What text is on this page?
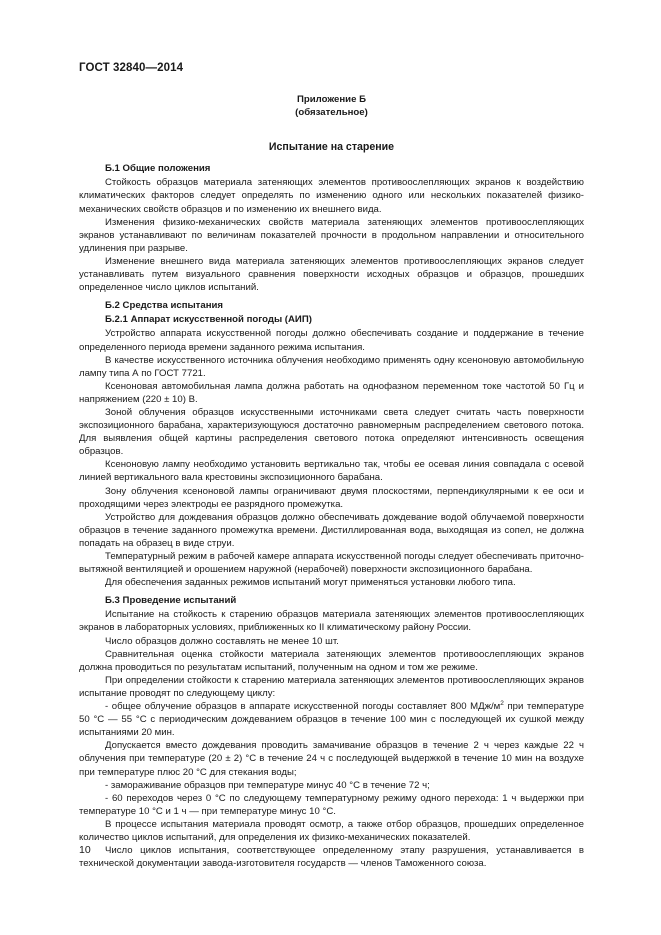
ГОСТ 32840—2014
Приложение Б
(обязательное)
Испытание на старение
Б.1 Общие положения

Стойкость образцов материала затеняющих элементов противоослепляющих экранов к воздействию климатических факторов следует определять по изменению одного или нескольких показателей физико-механических свойств образцов и по изменению их внешнего вида.

Изменения физико-механических свойств материала затеняющих элементов противоослепляющих экранов устанавливают по величинам показателей прочности в продольном направлении и относительного удлинения при разрыве.

Изменение внешнего вида материала затеняющих элементов противоослепляющих экранов следует устанавливать путем визуального сравнения поверхности исходных образцов и образцов, прошедших определенное число циклов испытаний.

Б.2 Средства испытания
Б.2.1 Аппарат искусственной погоды (АИП)

Устройство аппарата искусственной погоды должно обеспечивать создание и поддержание в течение определенного периода времени заданного режима испытания.

В качестве искусственного источника облучения необходимо применять одну ксеноновую автомобильную лампу типа А по ГОСТ 7721.

Ксеноновая автомобильная лампа должна работать на однофазном переменном токе частотой 50 Гц и напряжением (220 ± 10) В.

Зоной облучения образцов искусственными источниками света следует считать часть поверхности экспозиционного барабана, характеризующуюся достаточно равномерным распределением светового потока. Для выявления общей картины распределения светового потока определяют интенсивность освещения образцов.

Ксеноновую лампу необходимо установить вертикально так, чтобы ее осевая линия совпадала с осевой линией вертикального вала крестовины экспозиционного барабана.

Зону облучения ксеноновой лампы ограничивают двумя плоскостями, перпендикулярными к ее оси и проходящими через электроды ее разрядного промежутка.

Устройство для дождевания образцов должно обеспечивать дождевание водой облучаемой поверхности образцов в течение заданного промежутка времени. Дистиллированная вода, выходящая из сопел, не должна попадать на образец в виде струи.

Температурный режим в рабочей камере аппарата искусственной погоды следует обеспечивать приточно-вытяжной вентиляцией и орошением наружной (нерабочей) поверхности экспозиционного барабана.

Для обеспечения заданных режимов испытаний могут применяться установки любого типа.

Б.3 Проведение испытаний

Испытание на стойкость к старению образцов материала затеняющих элементов противоослепляющих экранов в лабораторных условиях, приближенных ко II климатическому району России.

Число образцов должно составлять не менее 10 шт.

Сравнительная оценка стойкости материала затеняющих элементов противоослепляющих экранов должна проводиться по результатам испытаний, полученным на одном и том же режиме.

При определении стойкости к старению материала затеняющих элементов противоослепляющих экранов испытание проводят по следующему циклу:

- общее облучение образцов в аппарате искусственной погоды составляет 800 МДж/$м^2$ при температуре 50 °С — 55 °С с периодическим дождеванием образцов в течение 100 мин с последующей их сушкой между испытаниями 20 мин.

Допускается вместо дождевания проводить замачивание образцов в течение 2 ч через каждые 22 ч облучения при температуре (20 ± 2) °С в течение 24 ч с последующей выдержкой в течение 10 мин на воздухе при температуре плюс 20 °С для стекания воды;

- замораживание образцов при температуре минус 40 °С в течение 72 ч;

- 60 переходов через 0 °С по следующему температурному режиму одного перехода: 1 ч выдержки при температуре 10 °С и 1 ч — при температуре минус 10 °С.

В процессе испытания материала проводят осмотр, а также отбор образцов, прошедших определенное количество циклов испытаний, для определения их физико-механических показателей.

Число циклов испытания, соответствующее определенному этапу разрушения, устанавливается в технической документации завода-изготовителя государств — членов Таможенного союза.

10
